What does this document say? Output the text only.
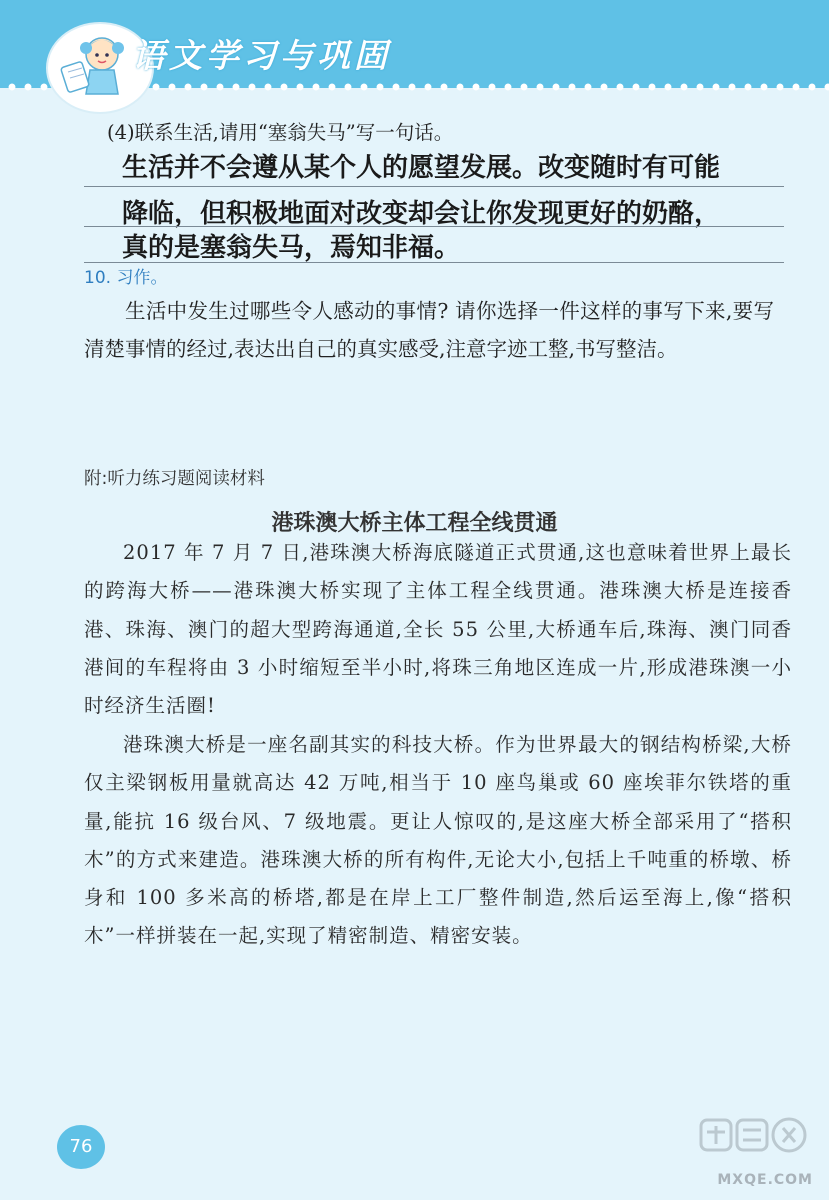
语文学习与巩固
(4)联系生活,请用“塞翁失马”写一句话。
生活并不会遵从某个人的愿望发展。改变随时有可能
降临，但积极地面对改变却会让你发现更好的奶酪，
真的是塞翁失马，焉知非福。
10. 习作。
生活中发生过哪些令人感动的事情? 请你选择一件这样的事写下来,要写清楚事情的经过,表达出自己的真实感受,注意字迹工整,书写整洁。
附:听力练习题阅读材料
港珠澳大桥主体工程全线贯通
2017 年 7 月 7 日,港珠澳大桥海底隧道正式贯通,这也意味着世界上最长的跨海大桥——港珠澳大桥实现了主体工程全线贯通。港珠澳大桥是连接香港、珠海、澳门的超大型跨海通道,全长 55 公里,大桥通车后,珠海、澳门同香港间的车程将由 3 小时缩短至半小时,将珠三角地区连成一片,形成港珠澳一小时经济生活圈!
港珠澳大桥是一座名副其实的科技大桥。作为世界最大的钢结构桥梁,大桥仅主梁钢板用量就高达 42 万吨,相当于 10 座鸟巢或 60 座埃菲尔铁塔的重量,能抗 16 级台风、7 级地震。更让人惊叹的,是这座大桥全部采用了“搭积木”的方式来建造。港珠澳大桥的所有构件,无论大小,包括上千吨重的桥墩、桥身和 100 多米高的桥塔,都是在岸上工厂整件制造,然后运至海上,像“搭积木”一样拼装在一起,实现了精密制造、精密安装。
76
MXQE.COM
